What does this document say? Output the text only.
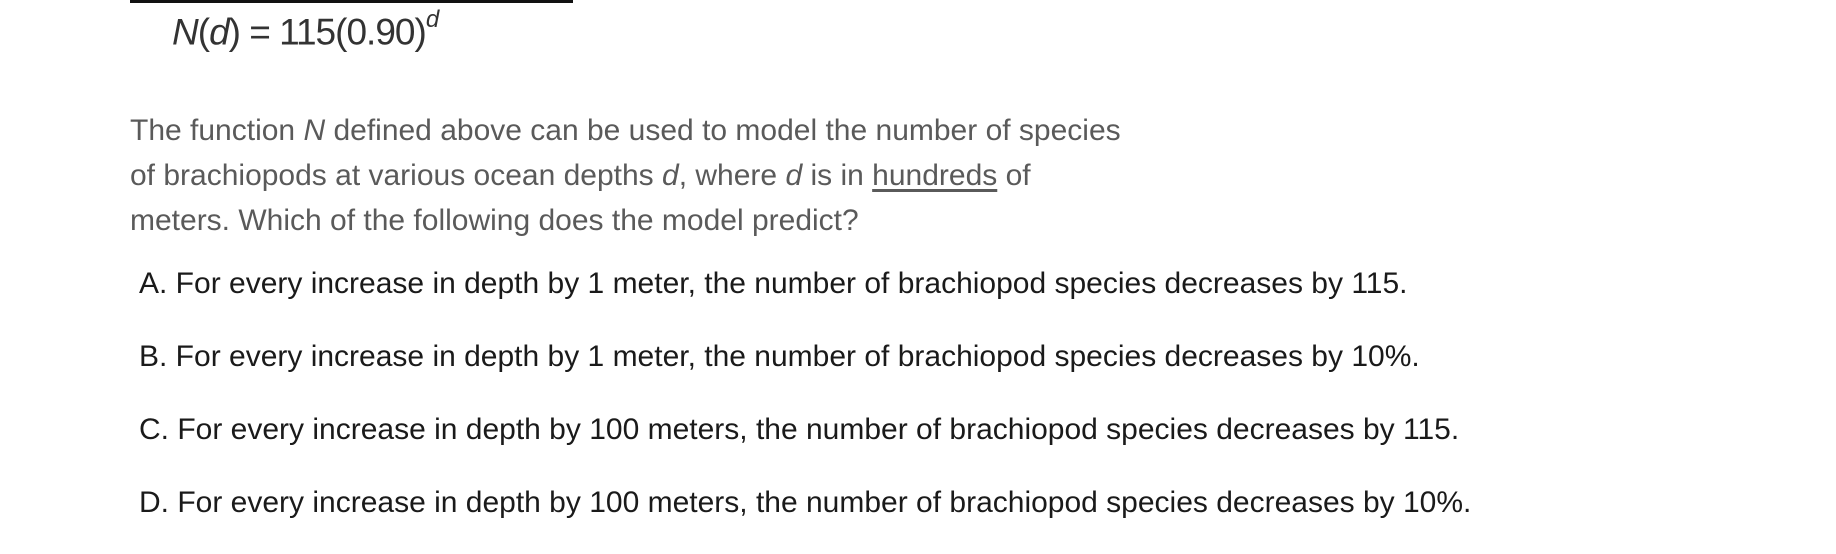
$N(d) = 115(0.90)^d$
The function N defined above can be used to model the number of species
of brachiopods at various ocean depths d, where d is in hundreds of
meters. Which of the following does the model predict?
A. For every increase in depth by 1 meter, the number of brachiopod species decreases by 115.
B. For every increase in depth by 1 meter, the number of brachiopod species decreases by 10%.
C. For every increase in depth by 100 meters, the number of brachiopod species decreases by 115.
D. For every increase in depth by 100 meters, the number of brachiopod species decreases by 10%.
